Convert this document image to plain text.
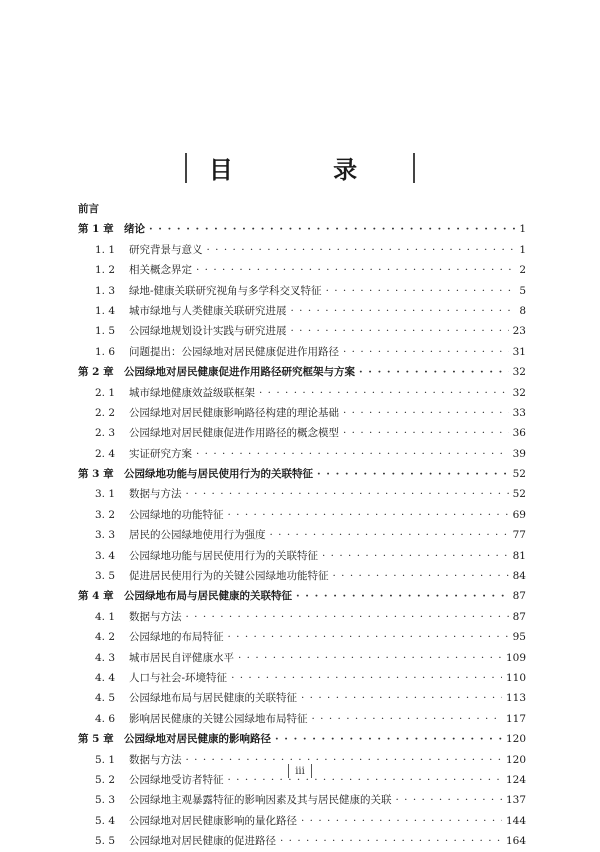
目 录
前言
第 1 章 绪论 · · ·	1
1. 1	研究背景与意义 · · ·	1
1. 2	相关概念界定 · · ·	2
1. 3	绿地-健康关联研究视角与多学科交叉特征 · · ·	5
1. 4	城市绿地与人类健康关联研究进展 · · ·	8
1. 5	公园绿地规划设计实践与研究进展 · · ·	23
1. 6	问题提出：公园绿地对居民健康促进作用路径 · · ·	31
第 2 章 公园绿地对居民健康促进作用路径研究框架与方案 · · ·	32
2. 1	城市绿地健康效益级联框架 · · ·	32
2. 2	公园绿地对居民健康影响路径构建的理论基础 · · ·	33
2. 3	公园绿地对居民健康促进作用路径的概念模型 · · ·	36
2. 4	实证研究方案 · · ·	39
第 3 章 公园绿地功能与居民使用行为的关联特征 · · ·	52
3. 1	数据与方法 · · ·	52
3. 2	公园绿地的功能特征 · · ·	69
3. 3	居民的公园绿地使用行为强度 · · ·	77
3. 4	公园绿地功能与居民使用行为的关联特征 · · ·	81
3. 5	促进居民使用行为的关键公园绿地功能特征 · · ·	84
第 4 章 公园绿地布局与居民健康的关联特征 · · ·	87
4. 1	数据与方法 · · ·	87
4. 2	公园绿地的布局特征 · · ·	95
4. 3	城市居民自评健康水平 · · ·	109
4. 4	人口与社会-环境特征 · · ·	110
4. 5	公园绿地布局与居民健康的关联特征 · · ·	113
4. 6	影响居民健康的关键公园绿地布局特征 · · ·	117
第 5 章 公园绿地对居民健康的影响路径 · · ·	120
5. 1	数据与方法 · · ·	120
5. 2	公园绿地受访者特征 · · ·	124
5. 3	公园绿地主观暴露特征的影响因素及其与居民健康的关联 · · ·	137
5. 4	公园绿地对居民健康影响的量化路径 · · ·	144
5. 5	公园绿地对居民健康的促进路径 · · ·	164
iii
